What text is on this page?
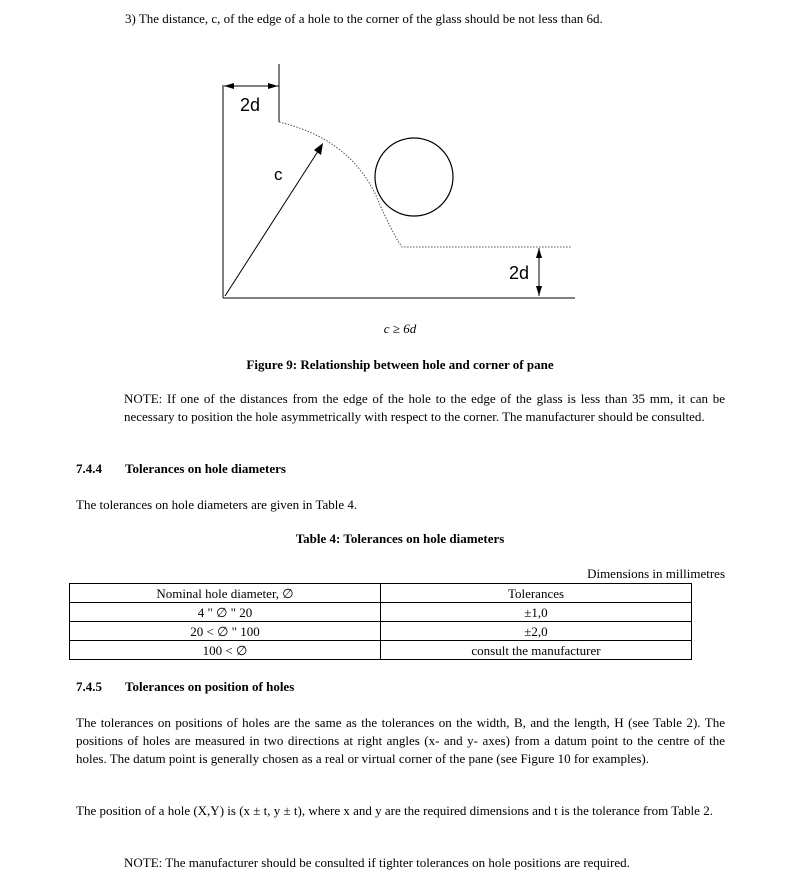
3) The distance, c, of the edge of a hole to the corner of the glass should be not less than 6d.
2d
c
2d
c ≥ 6d
Figure 9: Relationship between hole and corner of pane
NOTE: If one of the distances from the edge of the hole to the edge of the glass is less than 35 mm, it can be necessary to position the hole asymmetrically with respect to the corner. The manufacturer should be consulted.
7.4.4 Tolerances on hole diameters
The tolerances on hole diameters are given in Table 4.
Table 4: Tolerances on hole diameters
Dimensions in millimetres
Nominal hole diameter, ∅	Tolerances
4 " ∅ " 20	±1,0
20 < ∅ " 100	±2,0
100 < ∅	consult the manufacturer
7.4.5 Tolerances on position of holes
The tolerances on positions of holes are the same as the tolerances on the width, B, and the length, H (see Table 2). The positions of holes are measured in two directions at right angles (x- and y- axes) from a datum point to the centre of the holes. The datum point is generally chosen as a real or virtual corner of the pane (see Figure 10 for examples).
The position of a hole (X,Y) is (x ± t, y ± t), where x and y are the required dimensions and t is the tolerance from Table 2.
NOTE: The manufacturer should be consulted if tighter tolerances on hole positions are required.
